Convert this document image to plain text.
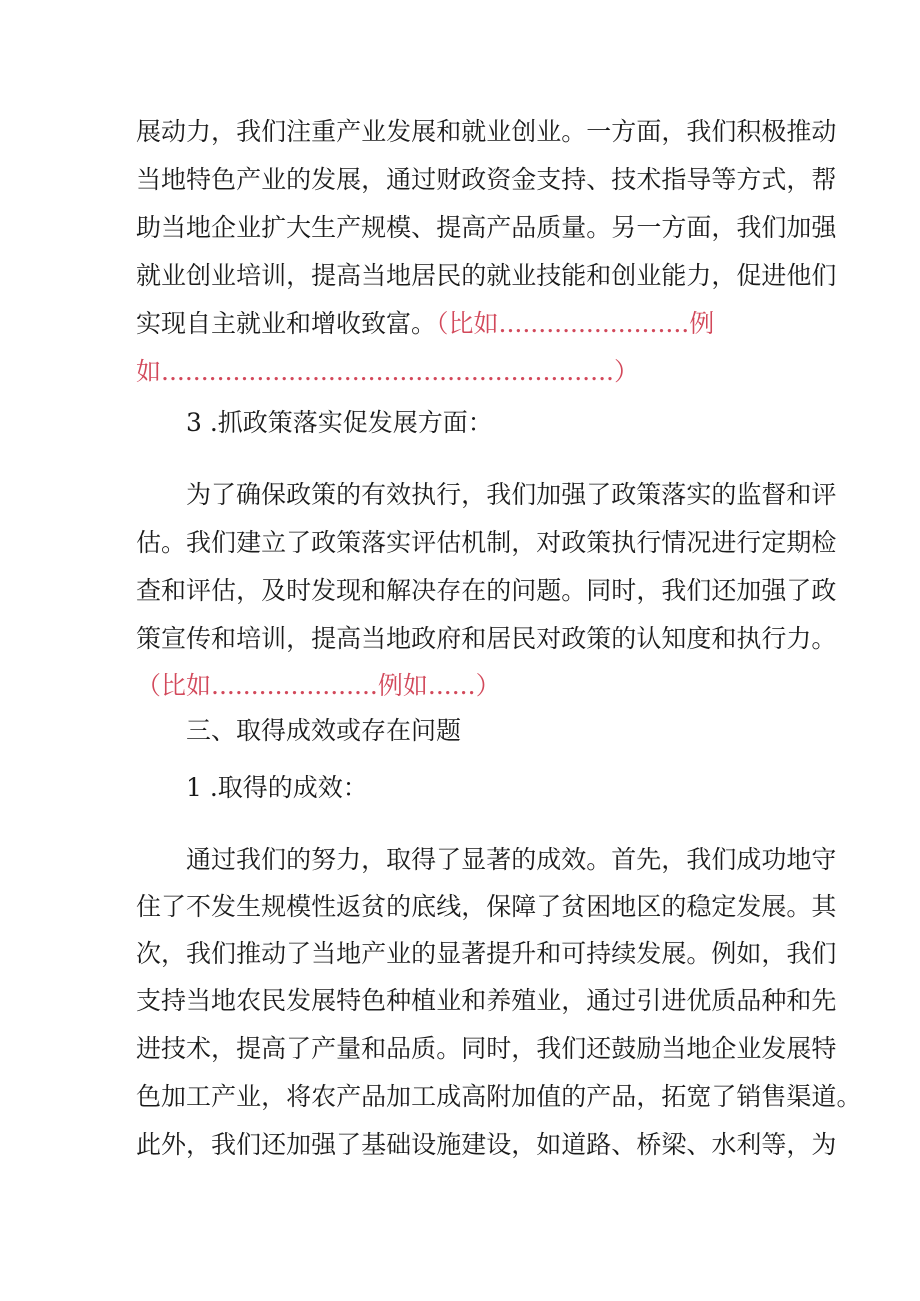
展 动 力 ， 我 们 注 重 产 业 发 展 和 就 业 创 业 。 一 方 面 ， 我 们 积 极 推 动
当 地 特 色 产 业 的 发 展 ， 通 过 财 政 资 金 支 持 、 技 术 指 导 等 方 式 ， 帮
助 当 地 企 业 扩 大 生 产 规 模 、 提 高 产 品 质 量 。 另 一 方 面 ， 我 们 加 强
就 业 创 业 培 训 ， 提 高 当 地 居 民 的 就 业 技 能 和 创 业 能 力 ， 促 进 他 们
实现自主就业和增收致富。（比如........................例
如.........................................................）
3 .抓政策落实促发展方面：
为 了 确 保 政 策 的 有 效 执 行 ， 我 们 加 强 了 政 策 落 实 的 监 督 和 评
估 。 我 们 建 立 了 政 策 落 实 评 估 机 制 ， 对 政 策 执 行 情 况 进 行 定 期 检
查 和 评 估 ， 及 时 发 现 和 解 决 存 在 的 问 题 。 同 时 ， 我 们 还 加 强 了 政
策 宣 传 和 培 训 ， 提 高 当 地 政 府 和 居 民 对 政 策 的 认 知 度 和 执 行 力 。
（比如.....................例如......）
三、取得成效或存在问题
1 .取得的成效：
通 过 我 们 的 努 力 ， 取 得 了 显 著 的 成 效 。 首 先 ， 我 们 成 功 地 守
住 了 不 发 生 规 模 性 返 贫 的 底 线 ， 保 障 了 贫 困 地 区 的 稳 定 发 展 。 其
次 ， 我 们 推 动 了 当 地 产 业 的 显 著 提 升 和 可 持 续 发 展 。 例 如 ， 我 们
支 持 当 地 农 民 发 展 特 色 种 植 业 和 养 殖 业 ， 通 过 引 进 优 质 品 种 和 先
进 技 术 ， 提 高 了 产 量 和 品 质 。 同 时 ， 我 们 还 鼓 励 当 地 企 业 发 展 特
色 加 工 产 业 ， 将 农 产 品 加 工 成 高 附 加 值 的 产 品 ， 拓 宽 了 销 售 渠 道 。
此 外 ， 我 们 还 加 强 了 基 础 设 施 建 设 ， 如 道 路 、 桥 梁 、 水 利 等 ， 为
